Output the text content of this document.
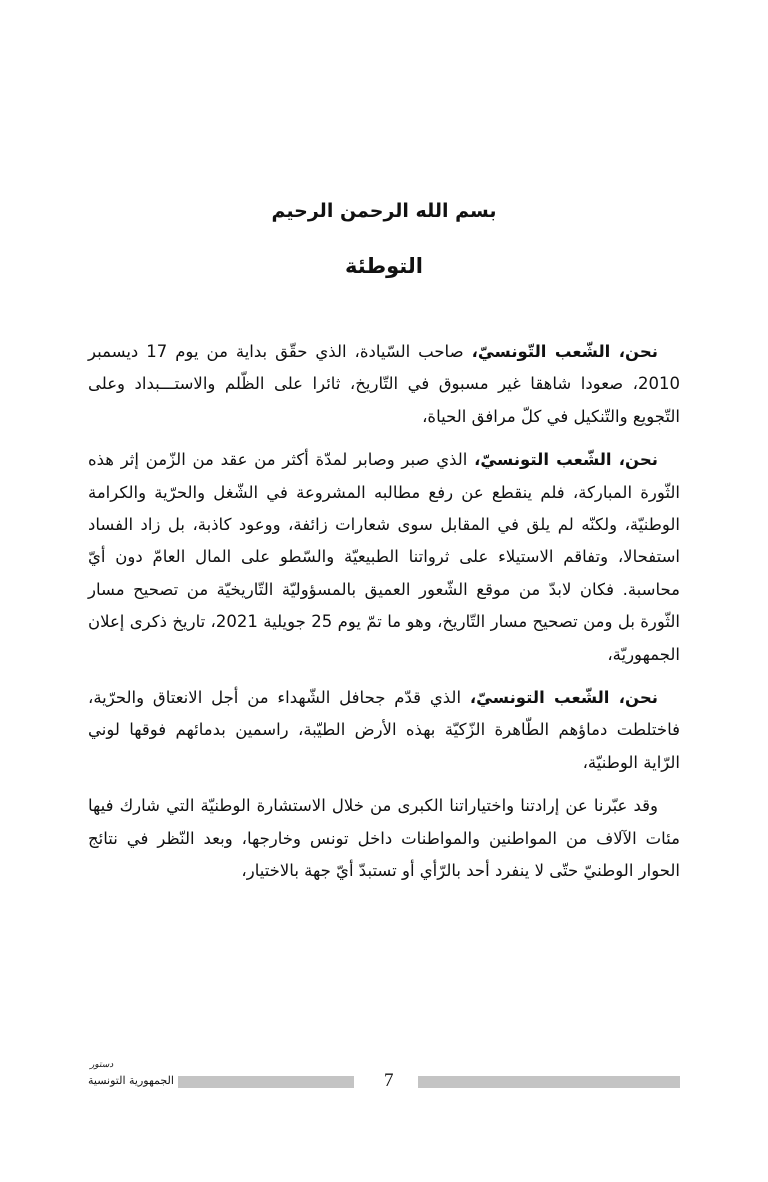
بسم الله الرحمن الرحيم
التوطئة

نحن، الشّعب التّونسيّ، صاحب السّيادة، الذي حقّق بداية من يوم 17 ديسمبر 2010، صعودا شاهقا غير مسبوق في التّاريخ، ثائرا على الظّلم والاستـــبداد وعلى التّجويع والتّنكيل في كلّ مرافق الحياة،

نحن، الشّعب التونسيّ، الذي صبر وصابر لمدّة أكثر من عقد من الزّمن إثر هذه الثّورة المباركة، فلم ينقطع عن رفع مطالبه المشروعة في الشّغل والحرّية والكرامة الوطنيّة، ولكنّه لم يلق في المقابل سوى شعارات زائفة، ووعود كاذبة، بل زاد الفساد استفحالا، وتفاقم الاستيلاء على ثرواتنا الطبيعيّة والسّطو على المال العامّ دون أيّ محاسبة. فكان لابدّ من موقع الشّعور العميق بالمسؤوليّة التّاريخيّة من تصحيح مسار الثّورة بل ومن تصحيح مسار التّاريخ، وهو ما تمّ يوم 25 جويلية 2021، تاريخ ذكرى إعلان الجمهوريّة،

نحن، الشّعب التونسيّ، الذي قدّم جحافل الشّهداء من أجل الانعتاق والحرّية، فاختلطت دماؤهم الطّاهرة الزّكيّة بهذه الأرض الطيّبة، راسمين بدمائهم فوقها لوني الرّاية الوطنيّة،

وقد عبّرنا عن إرادتنا واختياراتنا الكبرى من خلال الاستشارة الوطنيّة التي شارك فيها مئات الآلاف من المواطنين والمواطنات داخل تونس وخارجها، وبعد النّظر في نتائج الحوار الوطنيّ حتّى لا ينفرد أحد بالرّأي أو تستبدّ أيّ جهة بالاختيار،

دستور
الجمهورية التونسية	7
